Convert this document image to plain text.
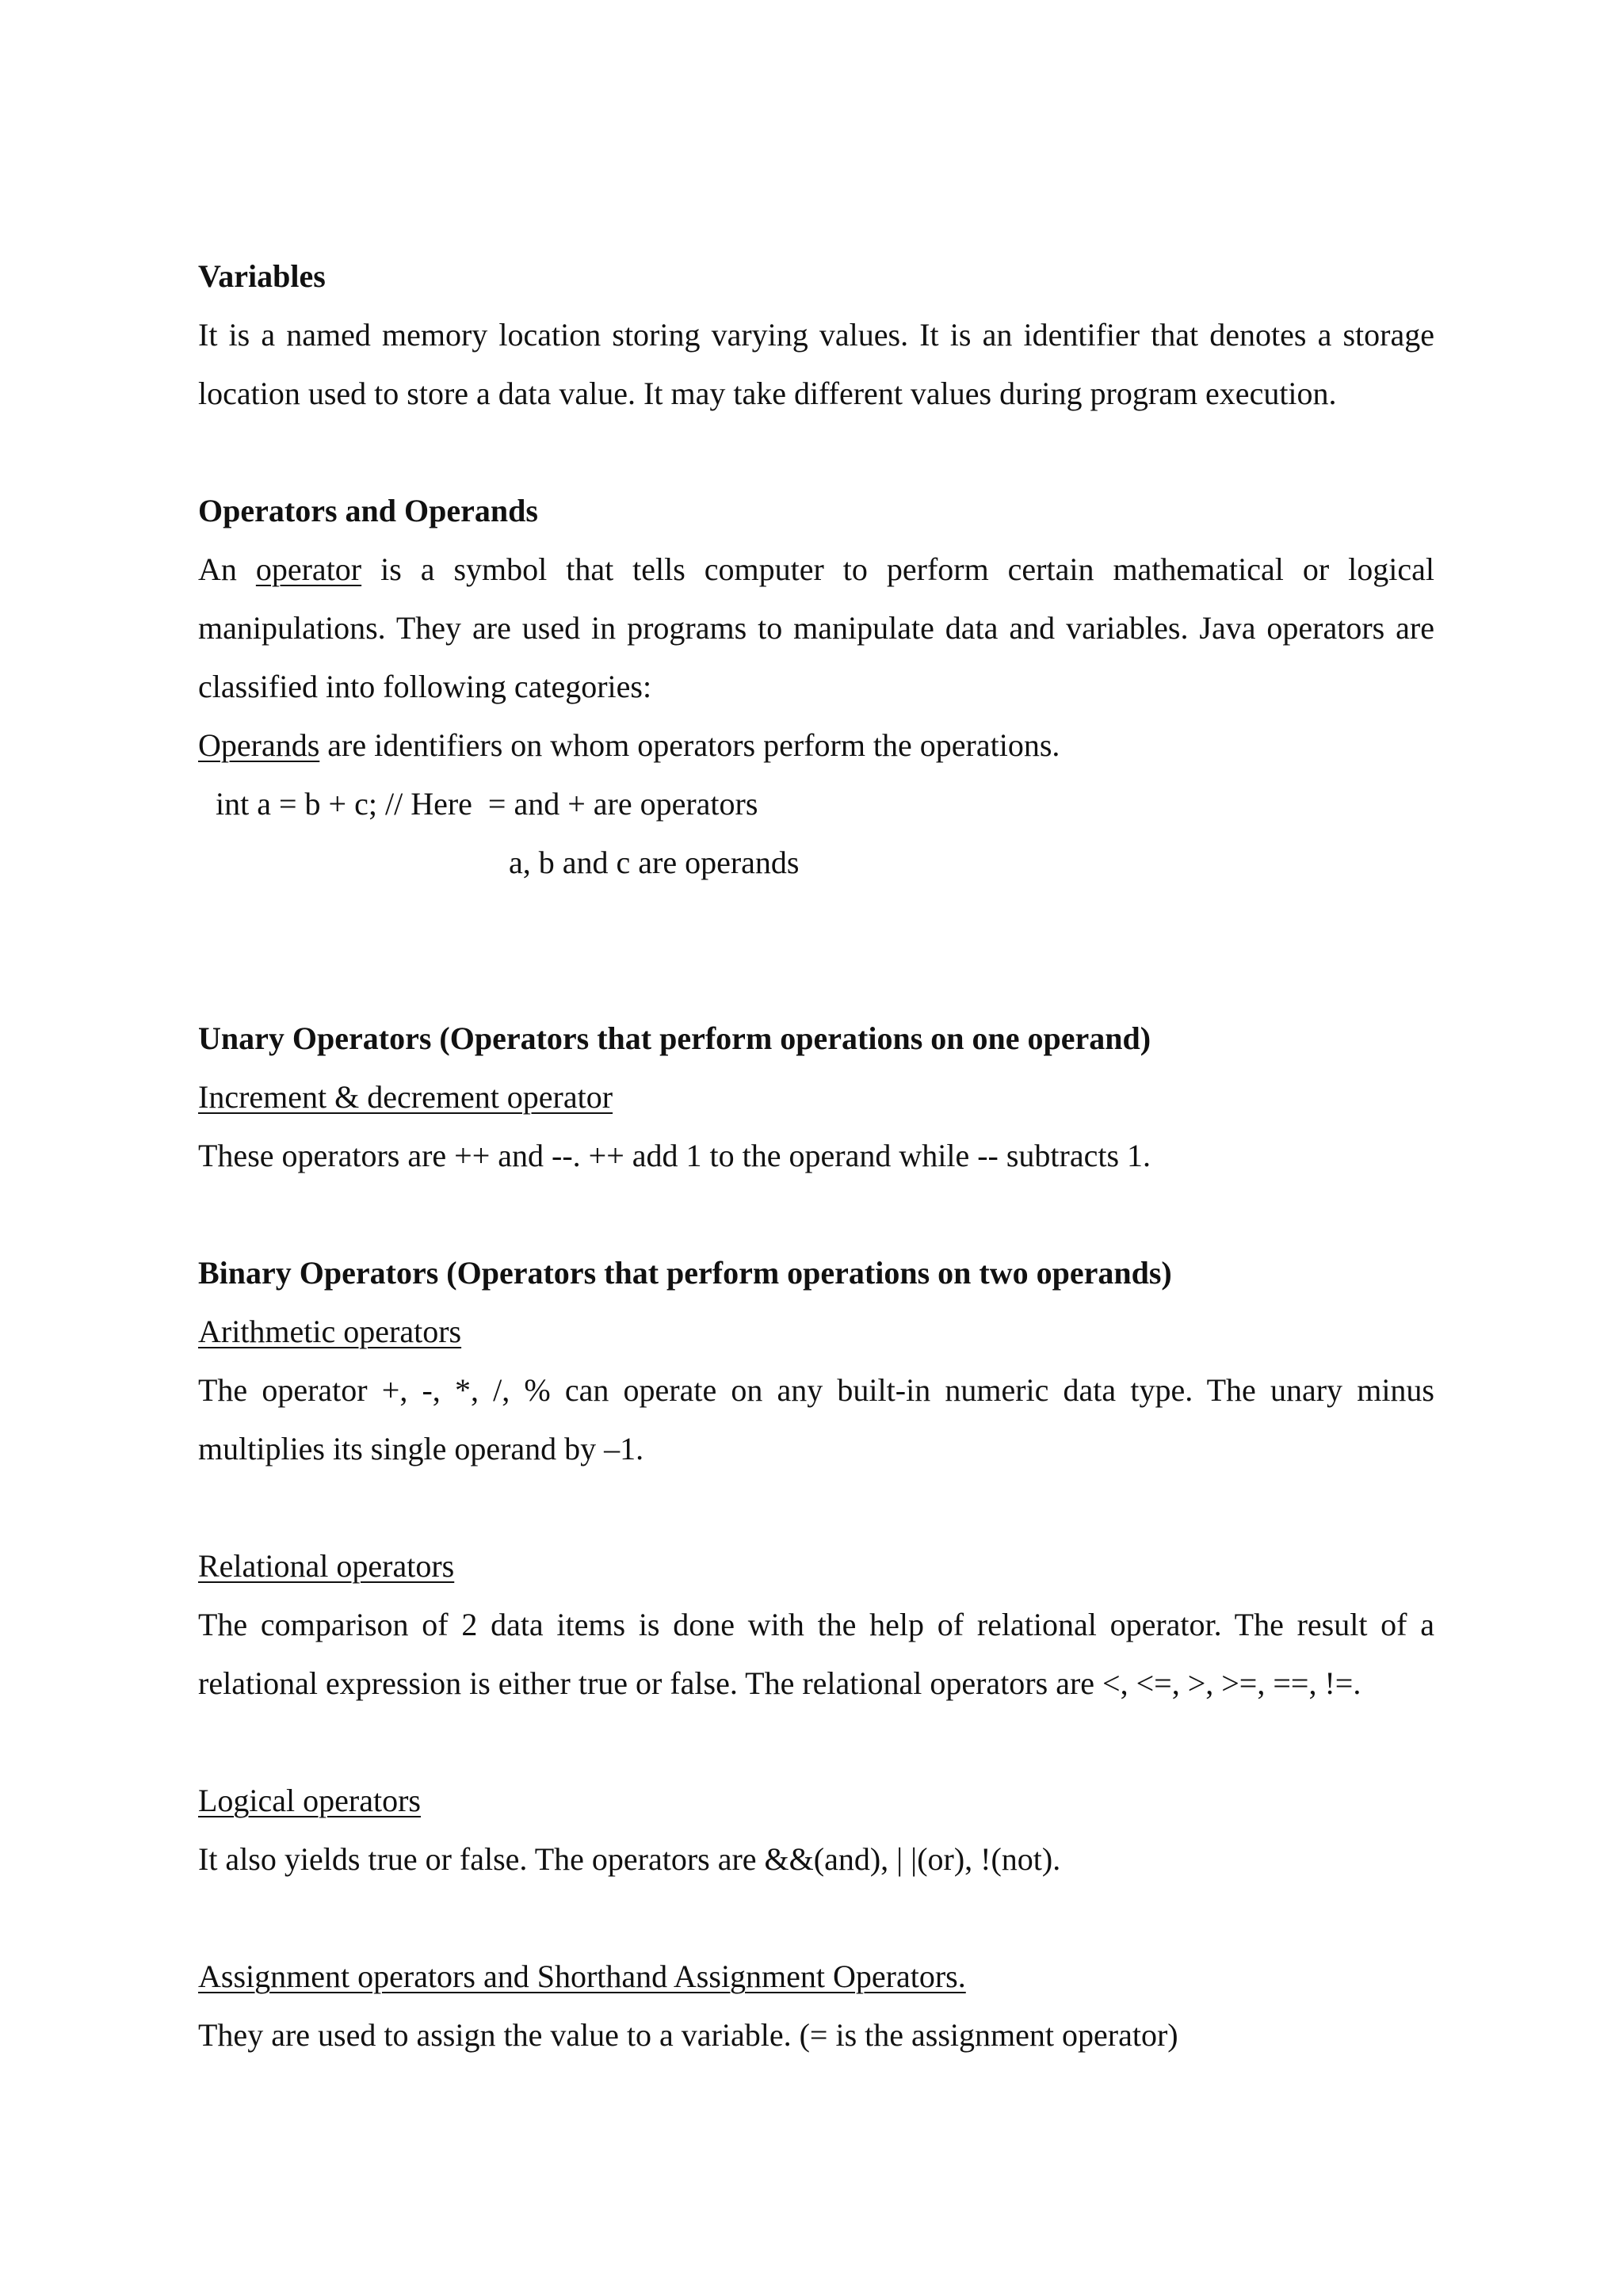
Variables

It is a named memory location storing varying values. It is an identifier that denotes a storage location used to store a data value. It may take different values during program execution.

Operators and Operands

An operator is a symbol that tells computer to perform certain mathematical or logical manipulations. They are used in programs to manipulate data and variables. Java operators are classified into following categories:

Operands are identifiers on whom operators perform the operations.

int a = b + c; // Here  = and + are operators

a, b and c are operands

Unary Operators (Operators that perform operations on one operand)

Increment & decrement operator

These operators are ++ and --. ++ add 1 to the operand while -- subtracts 1.

Binary Operators (Operators that perform operations on two operands)

Arithmetic operators

The operator +, -, *, /, % can operate on any built-in numeric data type. The unary minus multiplies its single operand by –1.

Relational operators

The comparison of 2 data items is done with the help of relational operator. The result of a relational expression is either true or false. The relational operators are <, <=, >, >=, ==, !=.

Logical operators

It also yields true or false. The operators are &&(and), | |(or), !(not).

Assignment operators and Shorthand Assignment Operators.

They are used to assign the value to a variable. (= is the assignment operator)
